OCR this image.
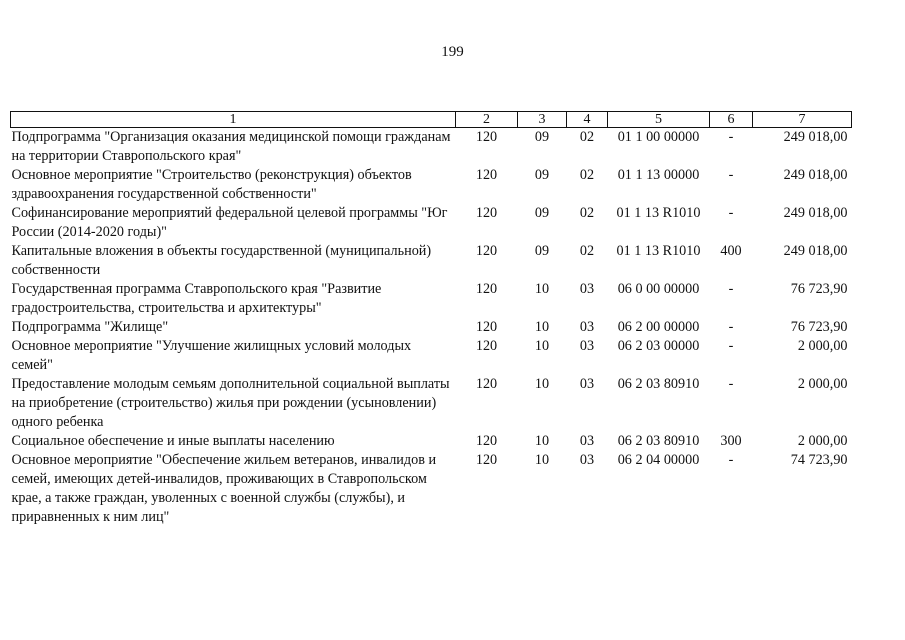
199
1	2	3	4	5	6	7
Подпрограмма "Организация оказания медицинской помощи гражданам на территории Ставропольского края"	120	09	02	01 1 00 00000	-	249 018,00
Основное мероприятие "Строительство (реконструкция) объектов здравоохранения государственной собственности"	120	09	02	01 1 13 00000	-	249 018,00
Софинансирование мероприятий федеральной целевой программы "Юг России (2014-2020 годы)"	120	09	02	01 1 13 R1010	-	249 018,00
Капитальные вложения в объекты государственной (муниципальной) собственности	120	09	02	01 1 13 R1010	400	249 018,00
Государственная программа Ставропольского края "Развитие градостроительства, строительства и архитектуры"	120	10	03	06 0 00 00000	-	76 723,90
Подпрограмма "Жилище"	120	10	03	06 2 00 00000	-	76 723,90
Основное мероприятие "Улучшение жилищных условий молодых семей"	120	10	03	06 2 03 00000	-	2 000,00
Предоставление молодым семьям дополнительной социальной выплаты на приобретение (строительство) жилья при рождении (усыновлении) одного ребенка	120	10	03	06 2 03 80910	-	2 000,00
Социальное обеспечение и иные выплаты населению	120	10	03	06 2 03 80910	300	2 000,00
Основное мероприятие "Обеспечение жильем ветеранов, инвалидов и семей, имеющих детей-инвалидов, проживающих в Ставропольском крае, а также граждан, уволенных с военной службы (службы), и приравненных к ним лиц"	120	10	03	06 2 04 00000	-	74 723,90
